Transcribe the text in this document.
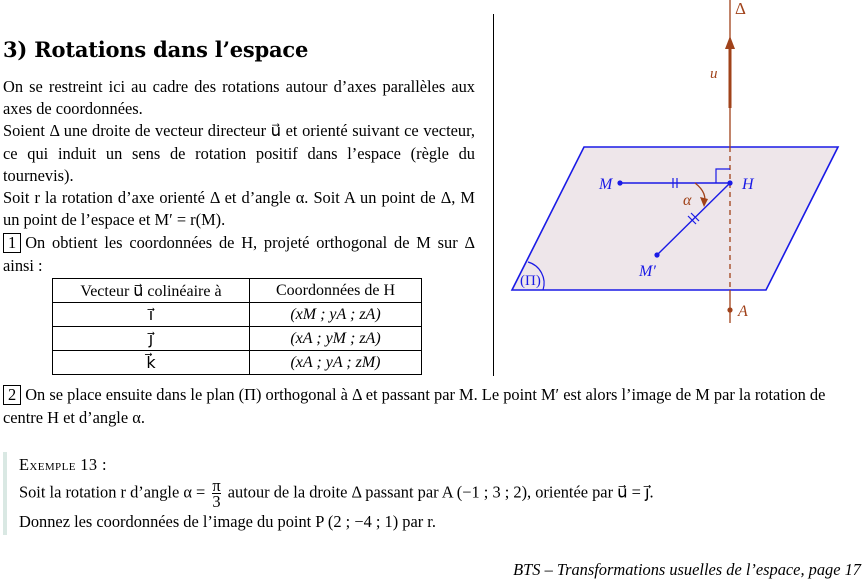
3) Rotations dans l’espace

On se restreint ici au cadre des rotations autour d’axes parallèles aux axes de coordonnées.

Soient Δ une droite de vecteur directeur u⃗ et orienté suivant ce vecteur, ce qui induit un sens de rotation positif dans l’espace (règle du tournevis).

Soit r la rotation d’axe orienté Δ et d’angle α. Soit A un point de Δ, M un point de l’espace et M′ = r(M).

1 On obtient les coordonnées de H, projeté orthogonal de M sur Δ ainsi :

Vecteur u⃗ colinéaire à	Coordonnées de H
i⃗	(xM ; yA ; zA)
j⃗	(xA ; yM ; zA)
k⃗	(xA ; yA ; zM)
Δ
u⃗
M	H
α
M′
(Π)
A
2 On se place ensuite dans le plan (Π) orthogonal à Δ et passant par M. Le point M′ est alors l’image de M par la rotation de centre H et d’angle α.
Exemple 13 :
Soit la rotation r d’angle $\alpha = \frac{\pi}{3}$ autour de la droite Δ passant par A (−1 ; 3 ; 2), orientée par u⃗ = j⃗.
Donnez les coordonnées de l’image du point P (2 ; −4 ; 1) par r.
BTS – Transformations usuelles de l’espace, page 17
